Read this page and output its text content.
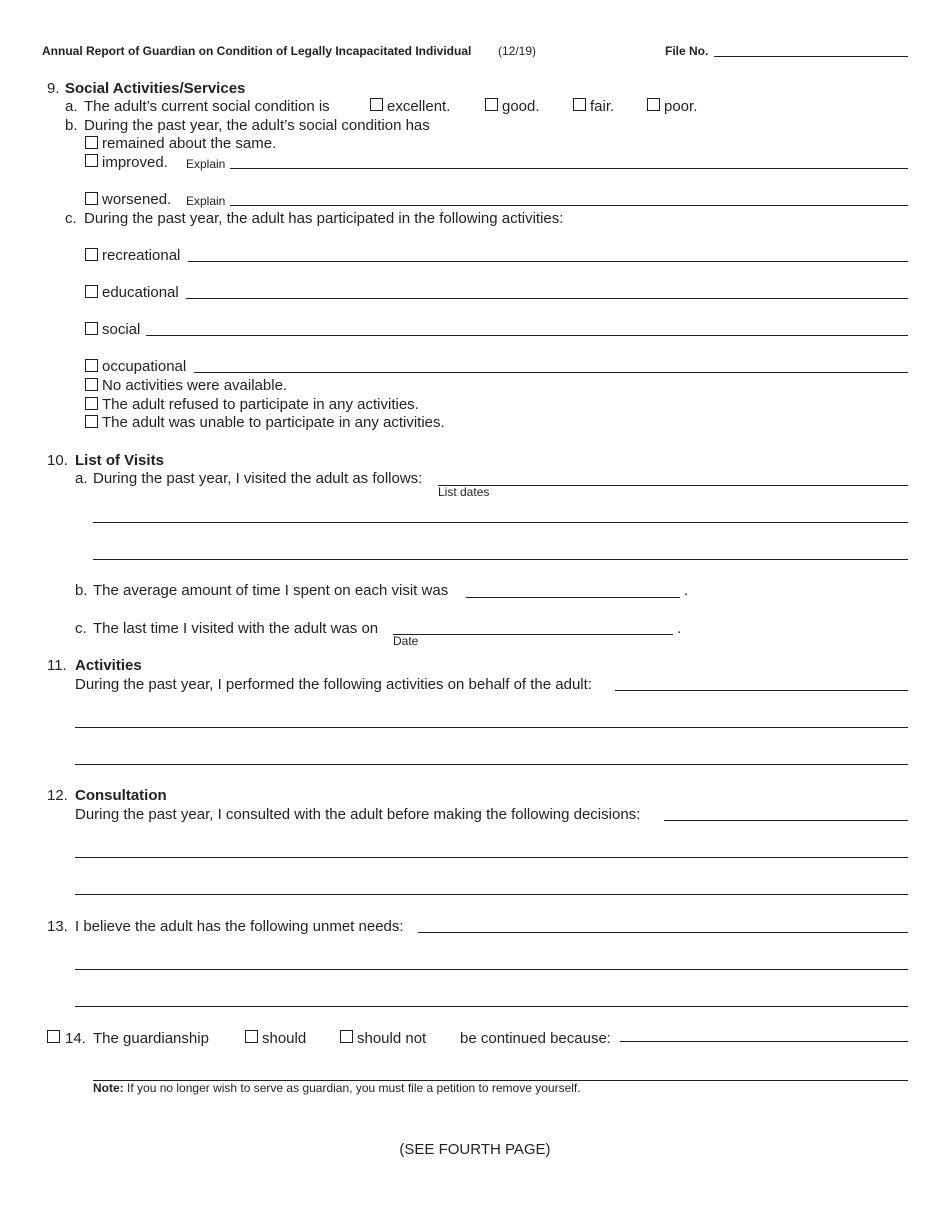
Annual Report of Guardian on Condition of Legally Incapacitated Individual (12/19)	File No.
9. Social Activities/Services
a. The adult’s current social condition is	excellent.	good.	fair.	poor.
b. During the past year, the adult’s social condition has
remained about the same.
improved. Explain
worsened. Explain
c. During the past year, the adult has participated in the following activities:
recreational
educational
social
occupational
No activities were available.
The adult refused to participate in any activities.
The adult was unable to participate in any activities.
10. List of Visits
a. During the past year, I visited the adult as follows:
List dates
b. The average amount of time I spent on each visit was	.
c. The last time I visited with the adult was on
Date
.
11. Activities
During the past year, I performed the following activities on behalf of the adult:
12. Consultation
During the past year, I consulted with the adult before making the following decisions:
13. I believe the adult has the following unmet needs:
14. The guardianship	should	should not be continued because:
Note: If you no longer wish to serve as guardian, you must file a petition to remove yourself.
(SEE FOURTH PAGE)
